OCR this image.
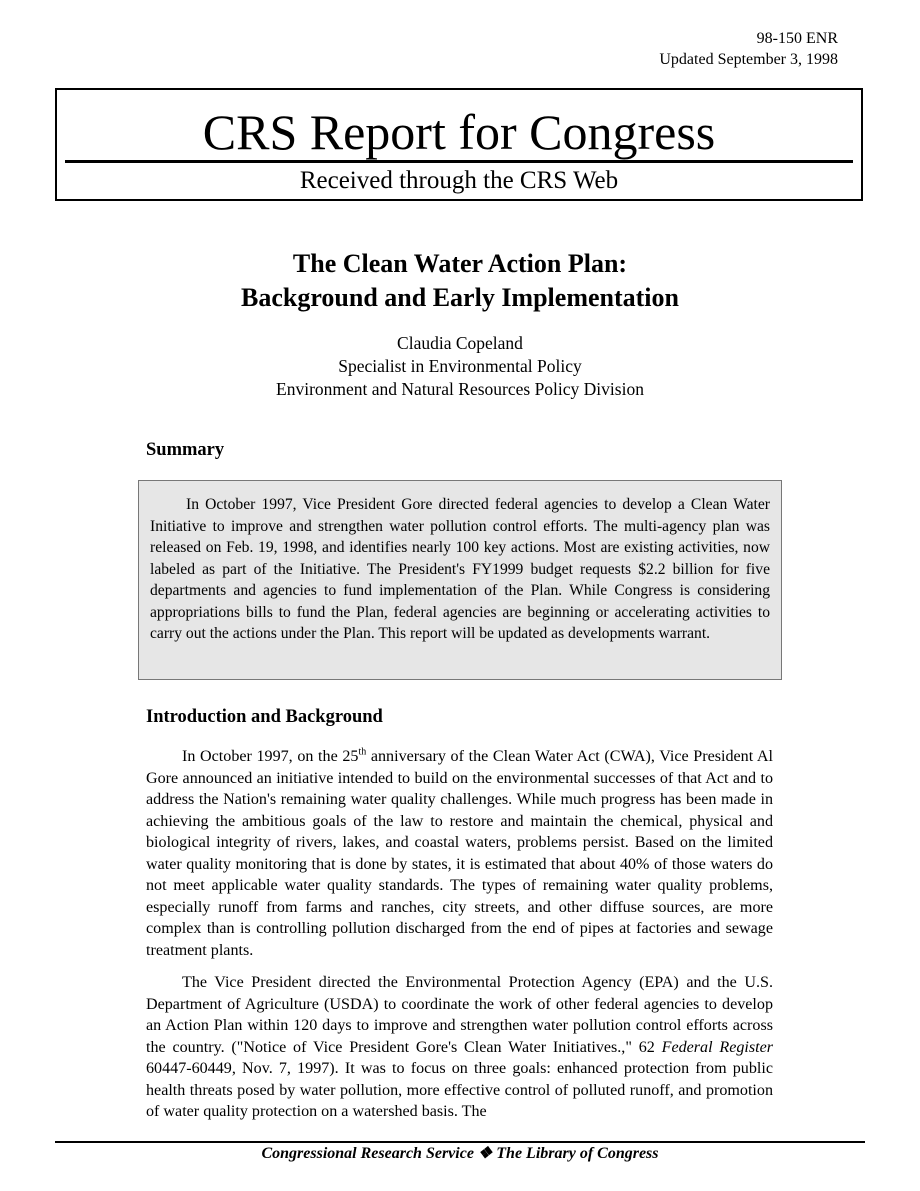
98-150 ENR
Updated September 3, 1998
CRS Report for Congress
Received through the CRS Web
The Clean Water Action Plan:
Background and Early Implementation
Claudia Copeland
Specialist in Environmental Policy
Environment and Natural Resources Policy Division
Summary

In October 1997, Vice President Gore directed federal agencies to develop a Clean Water Initiative to improve and strengthen water pollution control efforts. The multi-agency plan was released on Feb. 19, 1998, and identifies nearly 100 key actions. Most are existing activities, now labeled as part of the Initiative. The President's FY1999 budget requests $2.2 billion for five departments and agencies to fund implementation of the Plan. While Congress is considering appropriations bills to fund the Plan, federal agencies are beginning or accelerating activities to carry out the actions under the Plan. This report will be updated as developments warrant.

Introduction and Background

In October 1997, on the 25th anniversary of the Clean Water Act (CWA), Vice President Al Gore announced an initiative intended to build on the environmental successes of that Act and to address the Nation's remaining water quality challenges. While much progress has been made in achieving the ambitious goals of the law to restore and maintain the chemical, physical and biological integrity of rivers, lakes, and coastal waters, problems persist. Based on the limited water quality monitoring that is done by states, it is estimated that about 40% of those waters do not meet applicable water quality standards. The types of remaining water quality problems, especially runoff from farms and ranches, city streets, and other diffuse sources, are more complex than is controlling pollution discharged from the end of pipes at factories and sewage treatment plants.

The Vice President directed the Environmental Protection Agency (EPA) and the U.S. Department of Agriculture (USDA) to coordinate the work of other federal agencies to develop an Action Plan within 120 days to improve and strengthen water pollution control efforts across the country. ("Notice of Vice President Gore's Clean Water Initiatives.," 62 Federal Register 60447-60449, Nov. 7, 1997). It was to focus on three goals: enhanced protection from public health threats posed by water pollution, more effective control of polluted runoff, and promotion of water quality protection on a watershed basis. The

Congressional Research Service ❖ The Library of Congress
